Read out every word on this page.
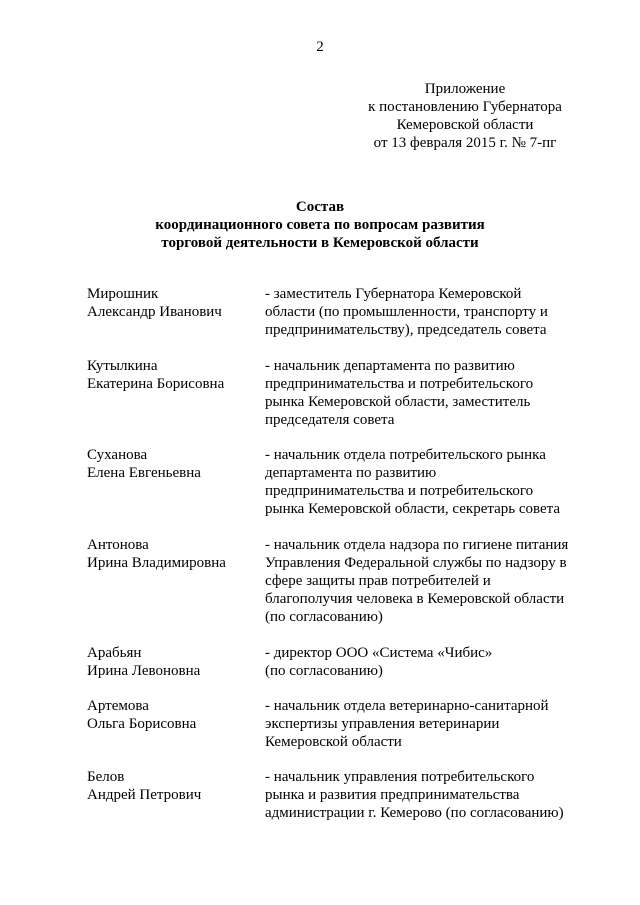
2
Приложение
к постановлению Губернатора
Кемеровской области
от 13 февраля 2015 г. № 7-пг
Состав
координационного совета по вопросам развития
торговой деятельности в Кемеровской области
Мирошник
Александр Иванович
- заместитель Губернатора Кемеровской
области (по промышленности, транспорту и
предпринимательству), председатель совета
Кутылкина
Екатерина Борисовна
- начальник департамента по развитию
предпринимательства и потребительского
рынка Кемеровской области, заместитель
председателя совета
Суханова
Елена Евгеньевна
- начальник отдела потребительского рынка
департамента по развитию
предпринимательства и потребительского
рынка Кемеровской области, секретарь совета
Антонова
Ирина Владимировна
- начальник отдела надзора по гигиене питания
Управления Федеральной службы по надзору в
сфере защиты прав потребителей и
благополучия человека в Кемеровской области
(по согласованию)
Арабьян
Ирина Левоновна
- директор ООО «Система «Чибис»
(по согласованию)
Артемова
Ольга Борисовна
- начальник отдела ветеринарно-санитарной
экспертизы управления ветеринарии
Кемеровской области
Белов
Андрей Петрович
- начальник управления потребительского
рынка и развития предпринимательства
администрации г. Кемерово (по согласованию)
